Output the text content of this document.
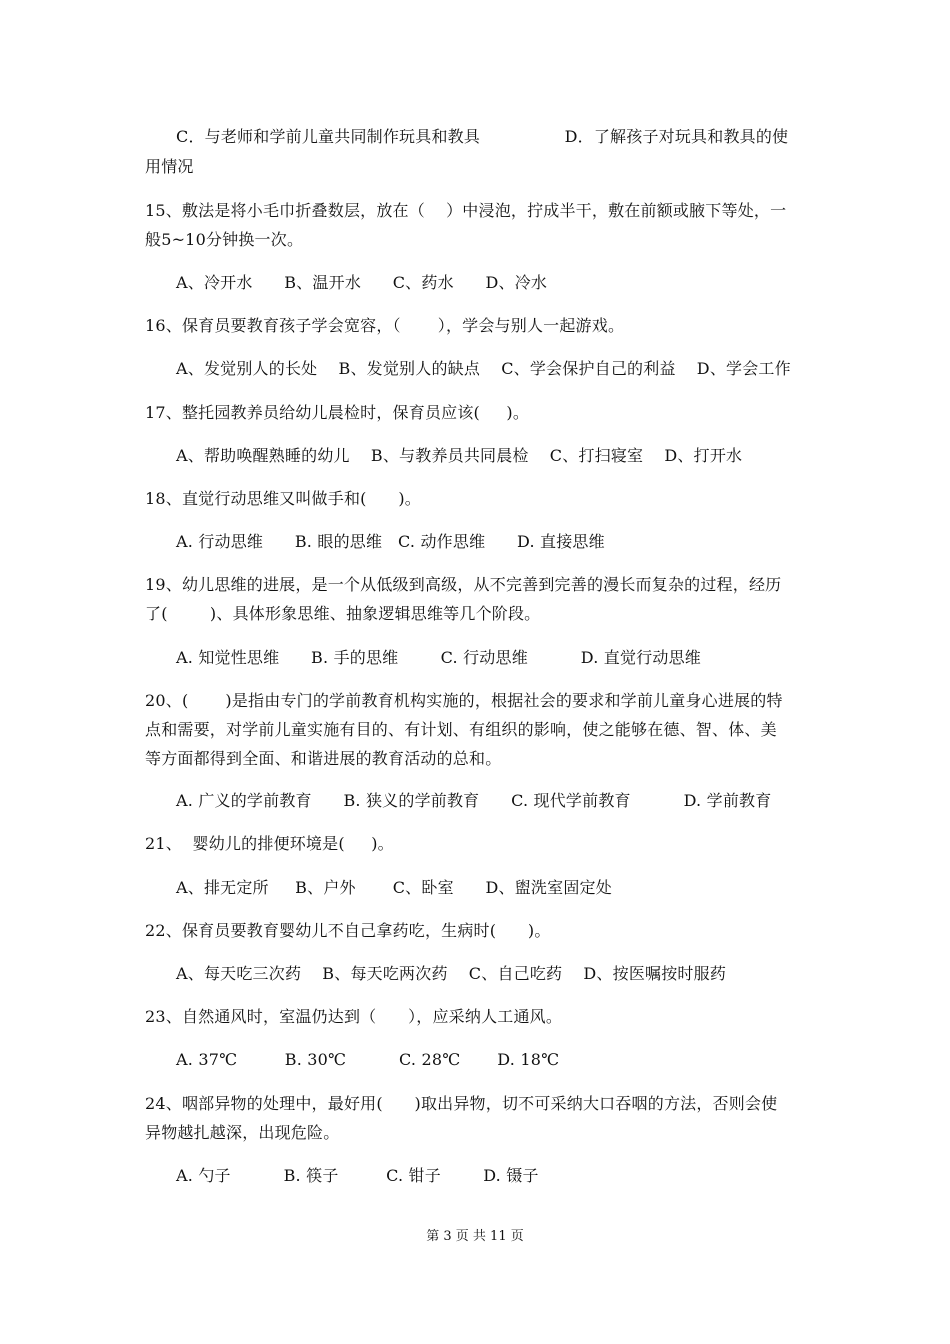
C．与老师和学前儿童共同制作玩具和教具                D．了解孩子对玩具和教具的使
用情况
15、敷法是将小毛巾折叠数层，放在（    ）中浸泡，拧成半干，敷在前额或腋下等处，一
般5~10分钟换一次。
A、冷开水      B、温开水      C、药水      D、冷水
16、保育员要教育孩子学会宽容，（       ），学会与别人一起游戏。
A、发觉别人的长处    B、发觉别人的缺点    C、学会保护自己的利益    D、学会工作
17、整托园教养员给幼儿晨检时，保育员应该(     )。
A、帮助唤醒熟睡的幼儿    B、与教养员共同晨检    C、打扫寝室    D、打开水
18、直觉行动思维又叫做手和(      )。
A. 行动思维      B. 眼的思维   C. 动作思维      D. 直接思维
19、幼儿思维的进展，是一个从低级到高级，从不完善到完善的漫长而复杂的过程，经历
了(        )、具体形象思维、抽象逻辑思维等几个阶段。
A. 知觉性思维      B. 手的思维        C. 行动思维          D. 直觉行动思维
20、(       )是指由专门的学前教育机构实施的，根据社会的要求和学前儿童身心进展的特
点和需要，对学前儿童实施有目的、有计划、有组织的影响，使之能够在德、智、体、美
等方面都得到全面、和谐进展的教育活动的总和。
A. 广义的学前教育      B. 狭义的学前教育      C. 现代学前教育          D. 学前教育
21、  婴幼儿的排便环境是(     )。
A、排无定所     B、户外       C、卧室      D、盥洗室固定处
22、保育员要教育婴幼儿不自己拿药吃，生病时(      )。
A、每天吃三次药    B、每天吃两次药    C、自己吃药    D、按医嘱按时服药
23、自然通风时，室温仍达到（      ），应采纳人工通风。
A. 37℃         B. 30℃          C. 28℃       D. 18℃
24、咽部异物的处理中，最好用(      )取出异物，切不可采纳大口吞咽的方法，否则会使
异物越扎越深，出现危险。
A. 勺子          B. 筷子         C. 钳子        D. 镊子
第 3 页 共 11 页
